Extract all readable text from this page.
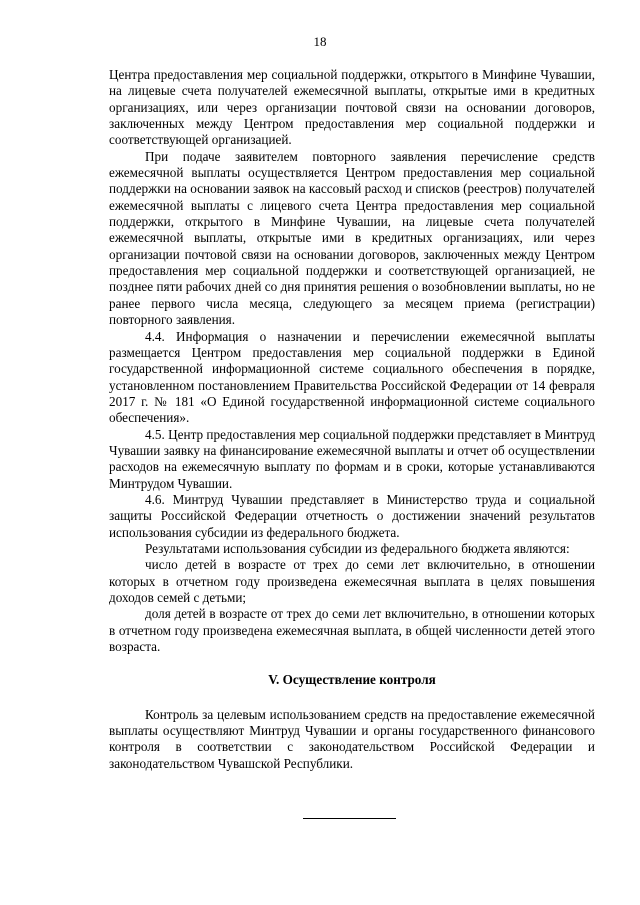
18

Центра предоставления мер социальной поддержки, открытого в Минфине Чувашии, на лицевые счета получателей ежемесячной выплаты, открытые ими в кредитных организациях, или через организации почтовой связи на основании договоров, заключенных между Центром предоставления мер социальной поддержки и соответствующей организацией.

При подаче заявителем повторного заявления перечисление средств ежемесячной выплаты осуществляется Центром предоставления мер социальной поддержки на основании заявок на кассовый расход и списков (реестров) получателей ежемесячной выплаты с лицевого счета Центра предоставления мер социальной поддержки, открытого в Минфине Чувашии, на лицевые счета получателей ежемесячной выплаты, открытые ими в кредитных организациях, или через организации почтовой связи на основании договоров, заключенных между Центром предоставления мер социальной поддержки и соответствующей организацией, не позднее пяти рабочих дней со дня принятия решения о возобновлении выплаты, но не ранее первого числа месяца, следующего за месяцем приема (регистрации) повторного заявления.

4.4. Информация о назначении и перечислении ежемесячной выплаты размещается Центром предоставления мер социальной поддержки в Единой государственной информационной системе социального обеспечения в порядке, установленном постановлением Правительства Российской Федерации от 14 февраля 2017 г. № 181 «О Единой государственной информационной системе социального обеспечения».

4.5. Центр предоставления мер социальной поддержки представляет в Минтруд Чувашии заявку на финансирование ежемесячной выплаты и отчет об осуществлении расходов на ежемесячную выплату по формам и в сроки, которые устанавливаются Минтрудом Чувашии.

4.6. Минтруд Чувашии представляет в Министерство труда и социальной защиты Российской Федерации отчетность о достижении значений результатов использования субсидии из федерального бюджета.

Результатами использования субсидии из федерального бюджета являются:

число детей в возрасте от трех до семи лет включительно, в отношении которых в отчетном году произведена ежемесячная выплата в целях повышения доходов семей с детьми;

доля детей в возрасте от трех до семи лет включительно, в отношении которых в отчетном году произведена ежемесячная выплата, в общей численности детей этого возраста.

V. Осуществление контроля

Контроль за целевым использованием средств на предоставление ежемесячной выплаты осуществляют Минтруд Чувашии и органы государственного финансового контроля в соответствии с законодательством Российской Федерации и законодательством Чувашской Республики.
